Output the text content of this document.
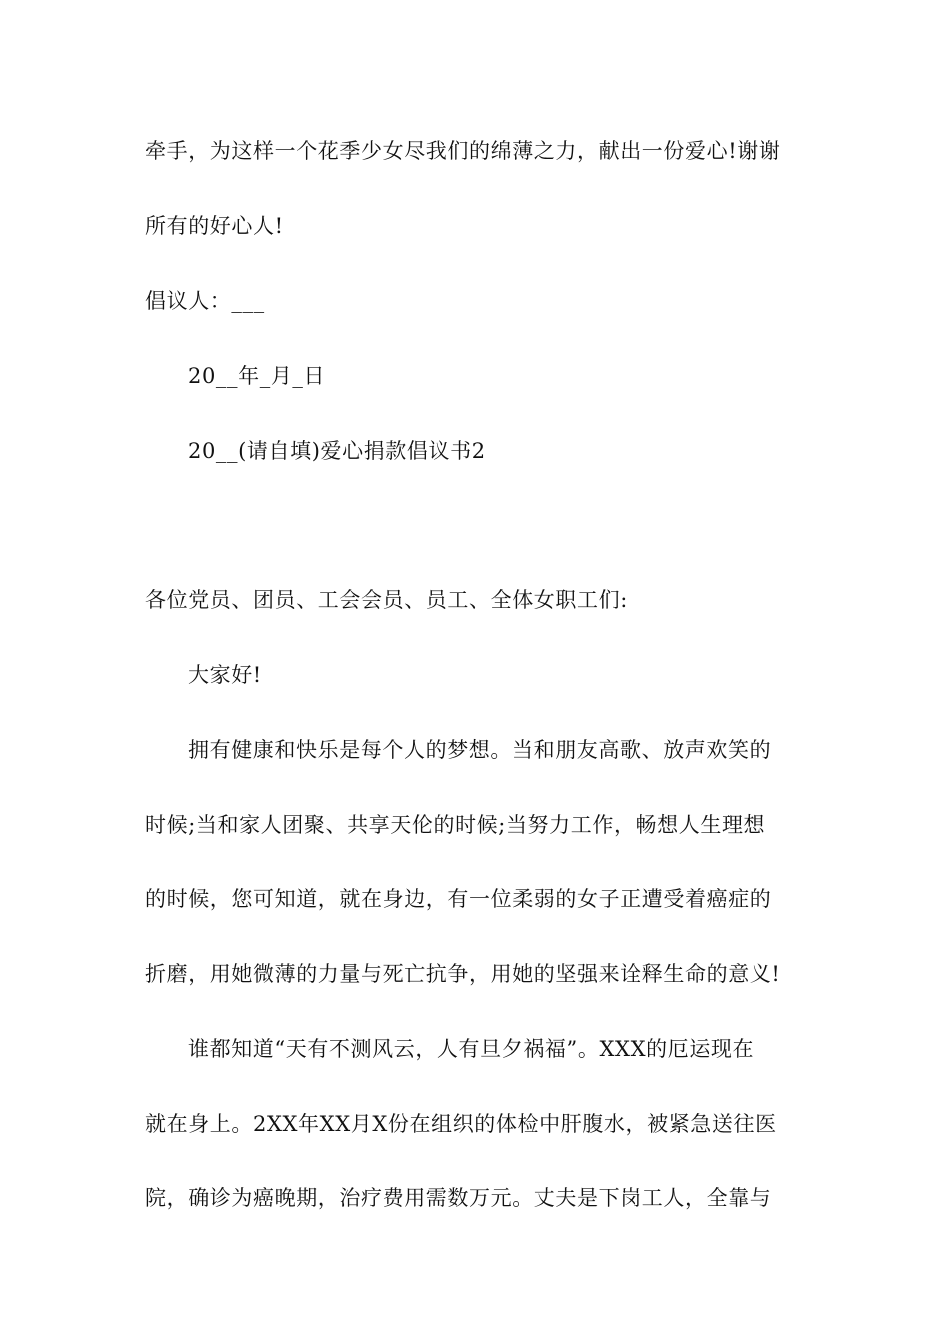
牵手，为这样一个花季少女尽我们的绵薄之力，献出一份爱心!谢谢
所有的好心人!
倡议人：___
20__年_月_日
20__(请自填)爱心捐款倡议书2
各位党员、团员、工会会员、员工、全体女职工们:
大家好!
拥有健康和快乐是每个人的梦想。当和朋友高歌、放声欢笑的
时候;当和家人团聚、共享天伦的时候;当努力工作，畅想人生理想
的时候，您可知道，就在身边，有一位柔弱的女子正遭受着癌症的
折磨，用她微薄的力量与死亡抗争，用她的坚强来诠释生命的意义!
谁都知道“天有不测风云，人有旦夕祸福”。XXX的厄运现在
就在身上。2XX年XX月X份在组织的体检中肝腹水，被紧急送往医
院，确诊为癌晚期，治疗费用需数万元。丈夫是下岗工人，全靠与
